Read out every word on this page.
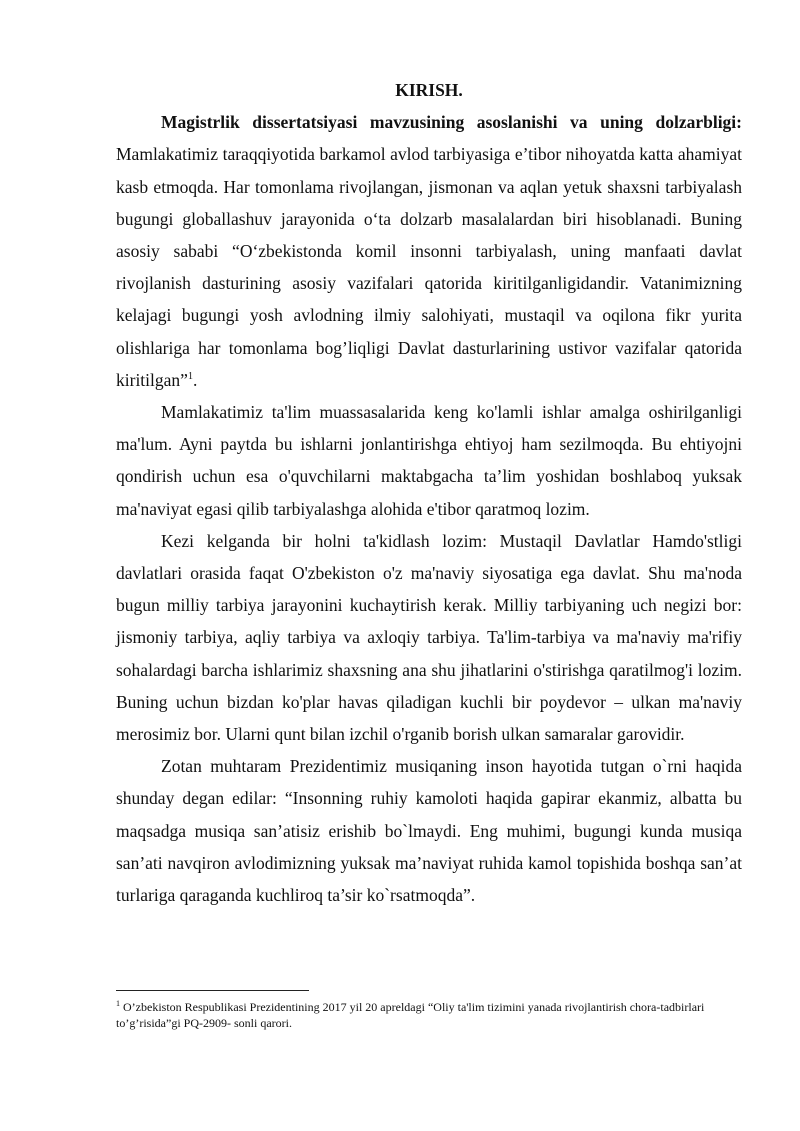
KIRISH.

Magistrlik dissertatsiyasi mavzusining asoslanishi va uning dolzarbligi: Mamlakatimiz taraqqiyotida barkamol avlod tarbiyasiga e’tibor nihoyatda katta ahamiyat kasb etmoqda. Har tomonlama rivojlangan, jismonan va aqlan yetuk shaxsni tarbiyalash bugungi globallashuv jarayonida o‘ta dolzarb masalalardan biri hisoblanadi. Buning asosiy sababi “O‘zbekistonda komil insonni tarbiyalash, uning manfaati davlat rivojlanish dasturining asosiy vazifalari qatorida kiritilganligidandir. Vatanimizning kelajagi bugungi yosh avlodning ilmiy salohiyati, mustaqil va oqilona fikr yurita olishlariga har tomonlama bog’liqligi Davlat dasturlarining ustivor vazifalar qatorida kiritilgan”$^1$.

Mamlakatimiz ta'lim muassasalarida keng ko'lamli ishlar amalga oshirilganligi ma'lum. Ayni paytda bu ishlarni jonlantirishga ehtiyoj ham sezilmoqda. Bu ehtiyojni qondirish uchun esa o'quvchilarni maktabgacha ta’lim yoshidan boshlaboq yuksak ma'naviyat egasi qilib tarbiyalashga alohida e'tibor qaratmoq lozim.

Kezi kelganda bir holni ta'kidlash lozim: Mustaqil Davlatlar Hamdo'stligi davlatlari orasida faqat O'zbekiston o'z ma'naviy siyosatiga ega davlat. Shu ma'noda bugun milliy tarbiya jarayonini kuchaytirish kerak. Milliy tarbiyaning uch negizi bor: jismoniy tarbiya, aqliy tarbiya va axloqiy tarbiya. Ta'lim-tarbiya va ma'naviy ma'rifiy sohalardagi barcha ishlarimiz shaxsning ana shu jihatlarini o'stirishga qaratilmog'i lozim. Buning uchun bizdan ko'plar havas qiladigan kuchli bir poydevor – ulkan ma'naviy merosimiz bor. Ularni qunt bilan izchil o'rganib borish ulkan samaralar garovidir.

Zotan muhtaram Prezidentimiz musiqaning inson hayotida tutgan o`rni haqida shunday degan edilar: “Insonning ruhiy kamoloti haqida gapirar ekanmiz, albatta bu maqsadga musiqa san’atisiz erishib bo`lmaydi. Eng muhimi, bugungi kunda musiqa san’ati navqiron avlodimizning yuksak ma’naviyat ruhida kamol topishida boshqa san’at turlariga qaraganda kuchliroq ta’sir ko`rsatmoqda”.

$^1$ O’zbekiston Respublikasi Prezidentining 2017 yil 20 apreldagi “Oliy ta'lim tizimini yanada rivojlantirish chora-tadbirlari to’g’risida”gi PQ-2909- sonli qarori.
